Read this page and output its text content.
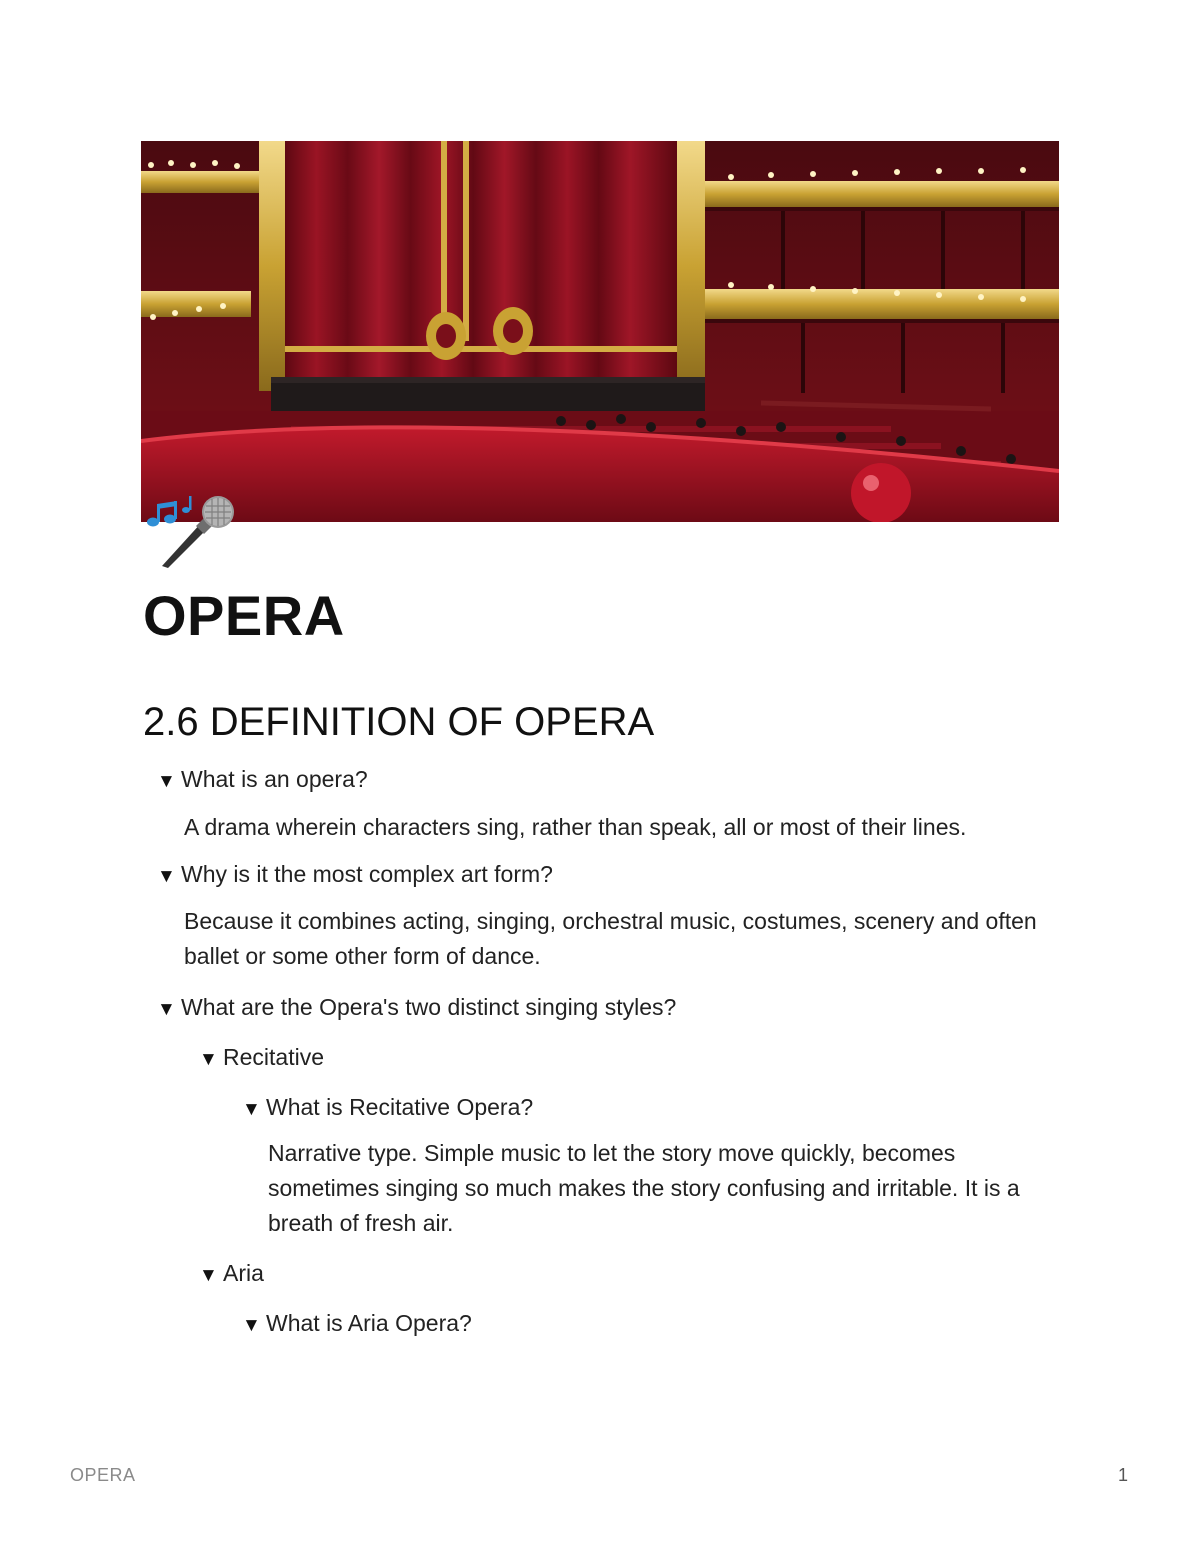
OPERA
2.6 DEFINITION OF OPERA
▼ What is an opera?
A drama wherein characters sing, rather than speak, all or most of their lines.
▼ Why is it the most complex art form?
Because it combines acting, singing, orchestral music, costumes, scenery and often ballet or some other form of dance.
▼ What are the Opera's two distinct singing styles?
▼ Recitative
▼ What is Recitative Opera?
Narrative type. Simple music to let the story move quickly, becomes sometimes singing so much makes the story confusing and irritable. It is a breath of fresh air.
▼ Aria
▼ What is Aria Opera?
OPERA	1
